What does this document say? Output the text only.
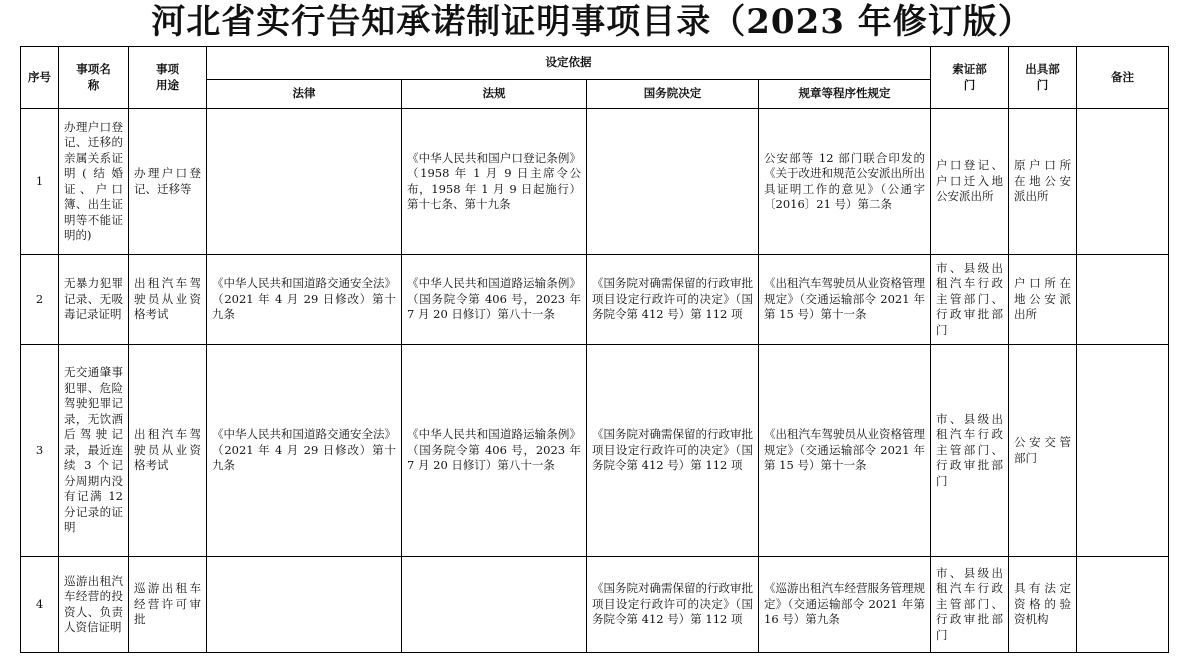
河北省实行告知承诺制证明事项目录（2023 年修订版）
序号	事项名称	事项用途	设定依据				索证部门	出具部门	备注
			法律	法规	国务院决定	规章等程序性规定			
1	办理户口登记、迁移的亲属关系证明(结婚证、户口簿、出生证明等不能证明的)	办理户口登记、迁移等		《中华人民共和国户口登记条例》（1958 年 1 月 9 日主席令公布，1958 年 1 月 9 日起施行）第十七条、第十九条		公安部等 12 部门联合印发的《关于改进和规范公安派出所出具证明工作的意见》（公通字〔2016〕21 号）第二条	户口登记、户口迁入地公安派出所	原户口所在地公安派出所	
2	无暴力犯罪记录、无吸毒记录证明	出租汽车驾驶员从业资格考试	《中华人民共和国道路交通安全法》（2021 年 4 月 29 日修改）第十九条	《中华人民共和国道路运输条例》（国务院令第 406 号，2023 年 7 月 20 日修订）第八十一条	《国务院对确需保留的行政审批项目设定行政许可的决定》（国务院令第 412 号）第 112 项	《出租汽车驾驶员从业资格管理规定》（交通运输部令 2021 年第 15 号）第十一条	市、县级出租汽车行政主管部门、行政审批部门	户口所在地公安派出所	
3	无交通肇事犯罪、危险驾驶犯罪记录，无饮酒后驾驶记录，最近连续 3 个记分周期内没有记满 12 分记录的证明	出租汽车驾驶员从业资格考试	《中华人民共和国道路交通安全法》（2021 年 4 月 29 日修改）第十九条	《中华人民共和国道路运输条例》（国务院令第 406 号，2023 年 7 月 20 日修订）第八十一条	《国务院对确需保留的行政审批项目设定行政许可的决定》（国务院令第 412 号）第 112 项	《出租汽车驾驶员从业资格管理规定》（交通运输部令 2021 年第 15 号）第十一条	市、县级出租汽车行政主管部门、行政审批部门	公安交管部门	
4	巡游出租汽车经营的投资人、负责人资信证明	巡游出租车经营许可审批			《国务院对确需保留的行政审批项目设定行政许可的决定》（国务院令第 412 号）第 112 项	《巡游出租汽车经营服务管理规定》（交通运输部令 2021 年第 16 号）第九条	市、县级出租汽车行政主管部门、行政审批部门	具有法定资格的验资机构	
